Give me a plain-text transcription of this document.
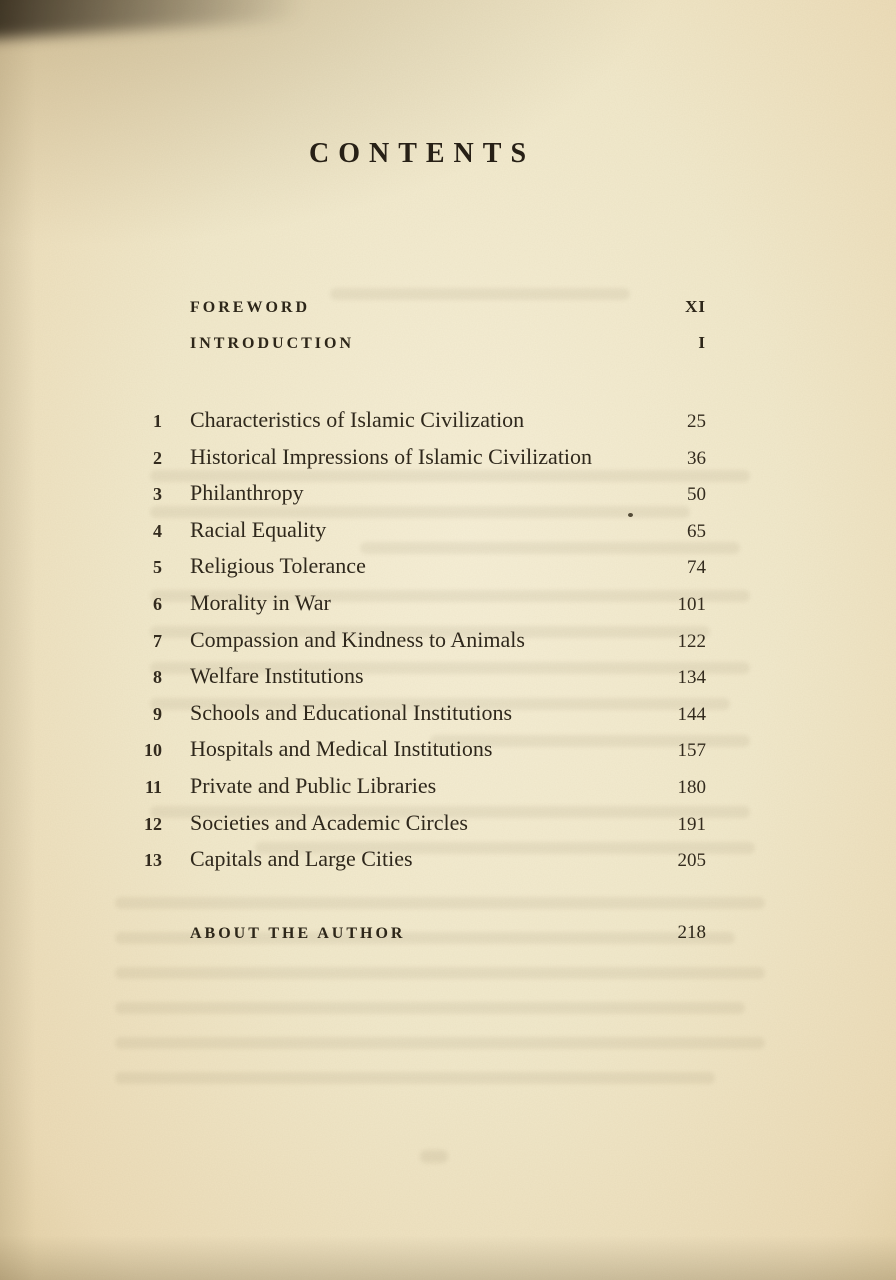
CONTENTS
FOREWORD	XI
INTRODUCTION	I
1	Characteristics of Islamic Civilization	25
2	Historical Impressions of Islamic Civilization	36
3	Philanthropy	50
4	Racial Equality	65
5	Religious Tolerance	74
6	Morality in War	101
7	Compassion and Kindness to Animals	122
8	Welfare Institutions	134
9	Schools and Educational Institutions	144
10	Hospitals and Medical Institutions	157
11	Private and Public Libraries	180
12	Societies and Academic Circles	191
13	Capitals and Large Cities	205
ABOUT THE AUTHOR	218
